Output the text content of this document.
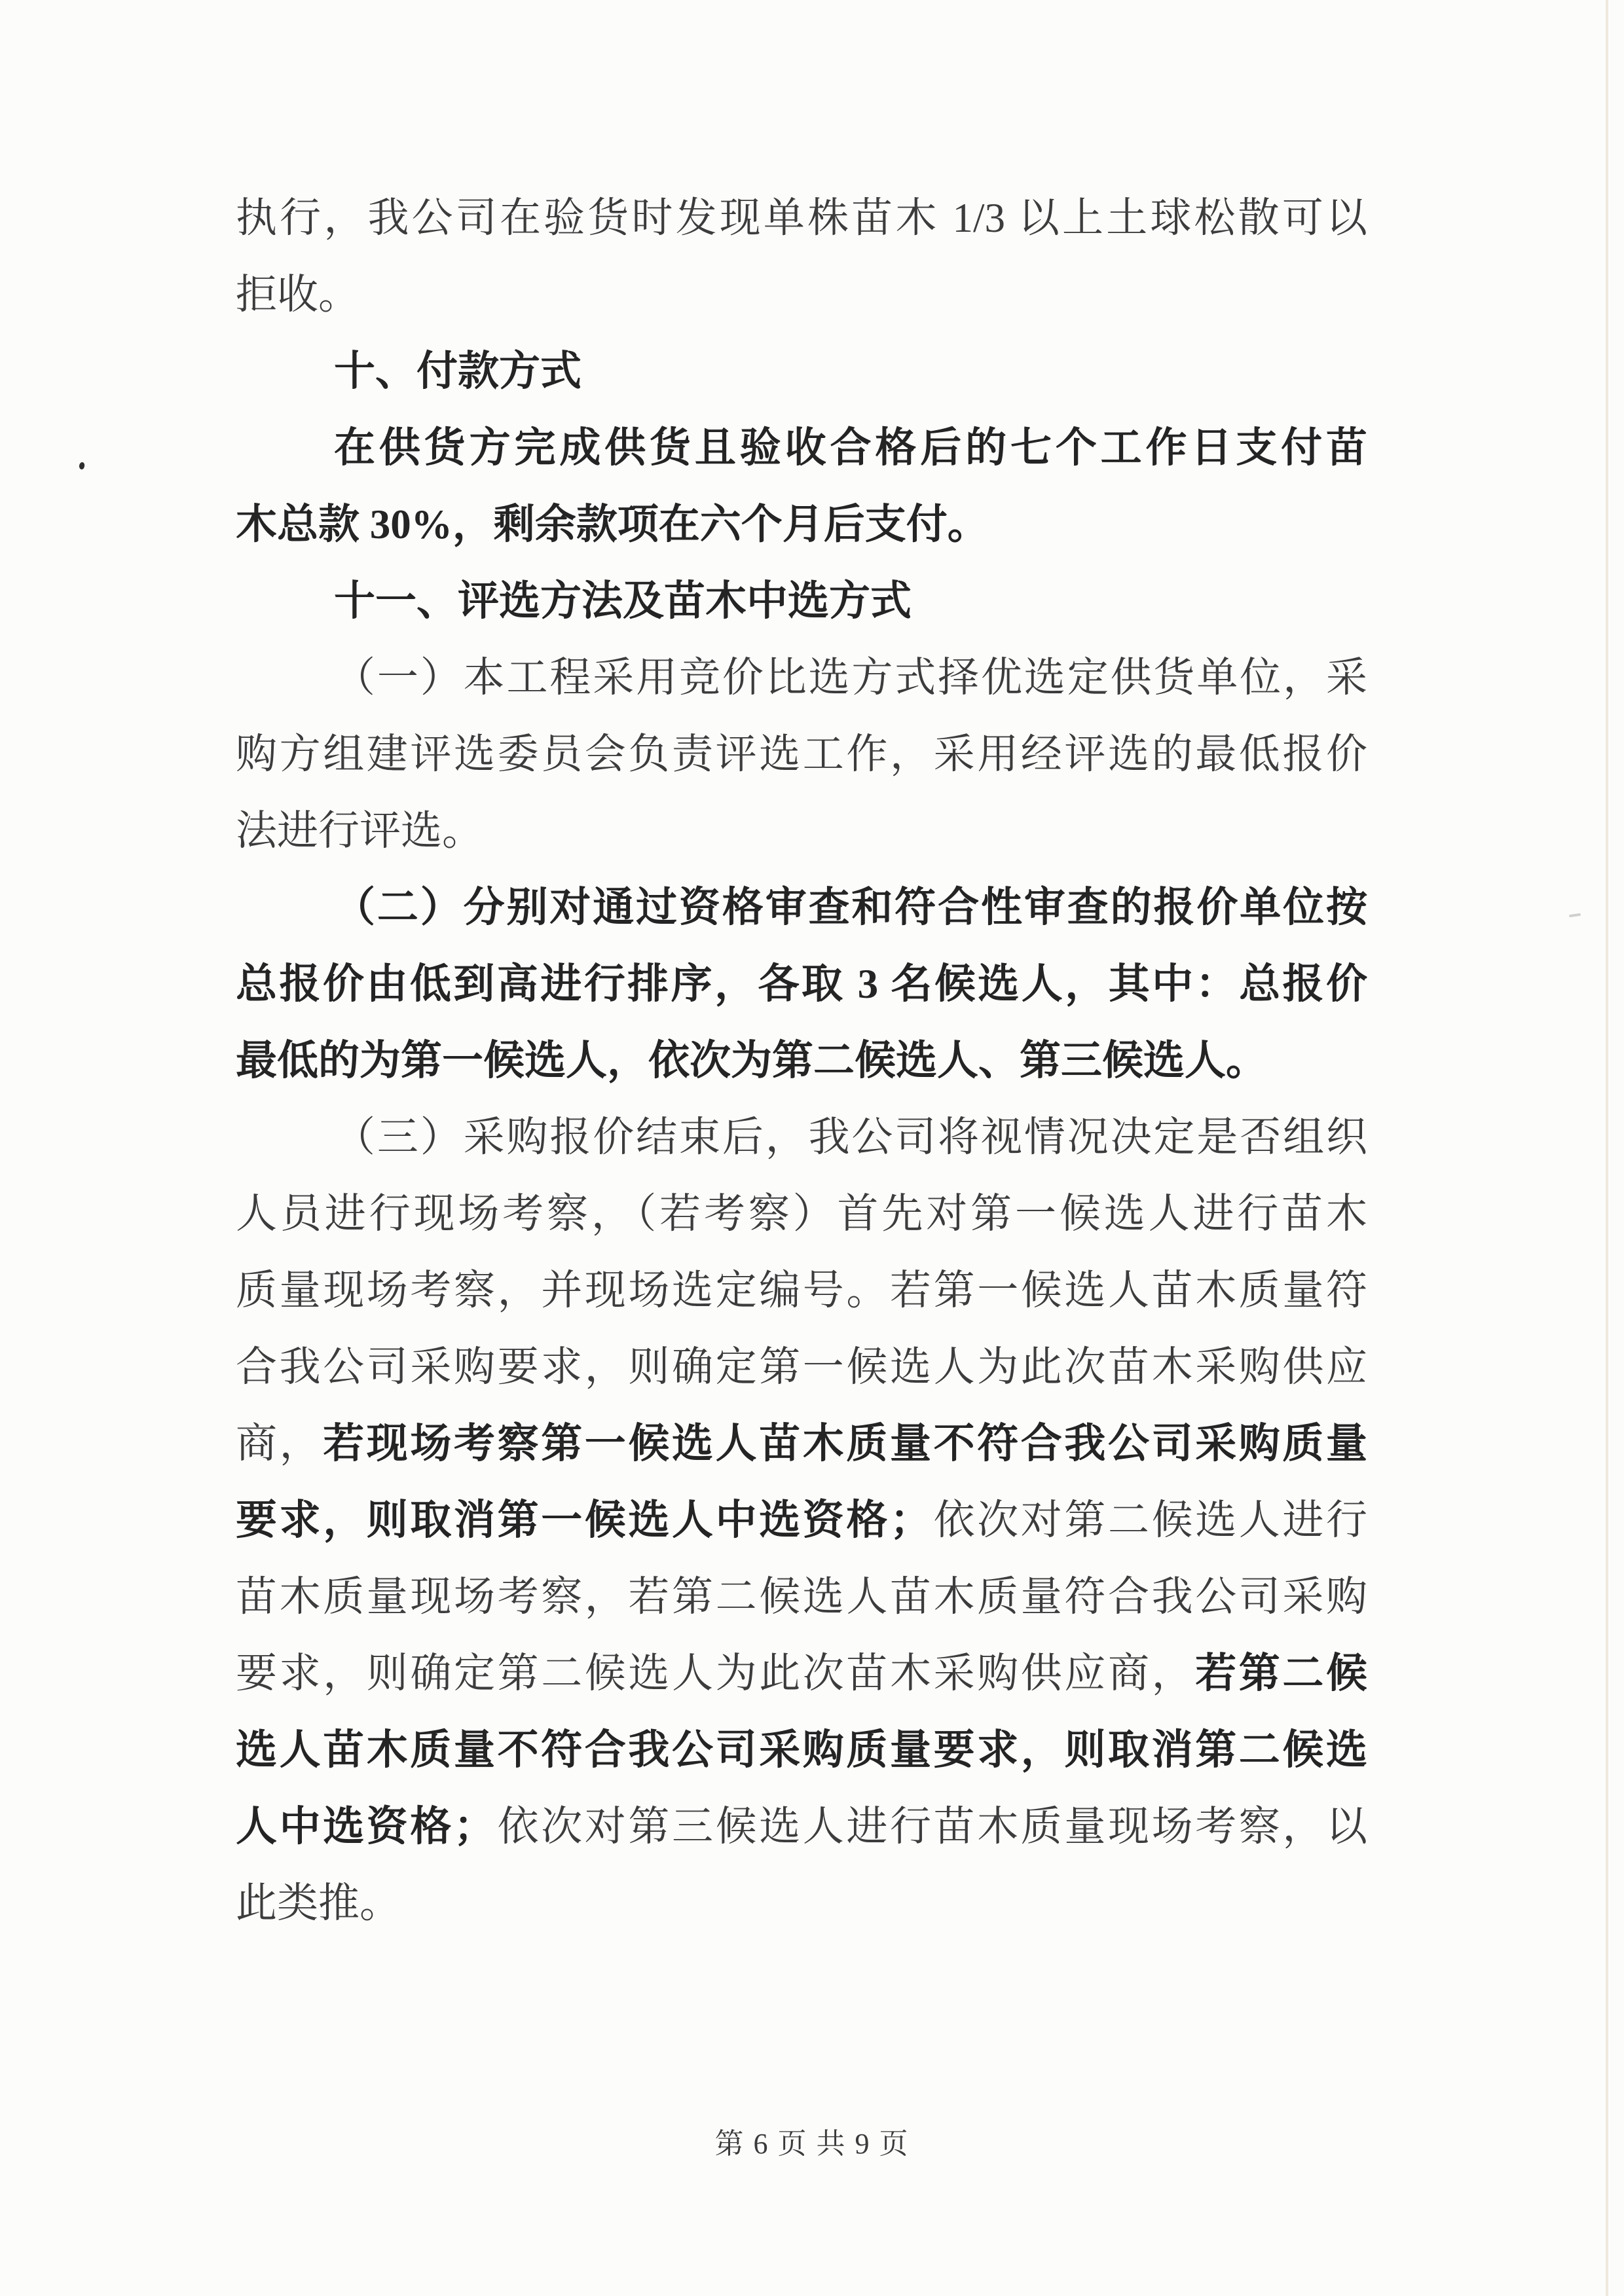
执行，我公司在验货时发现单株苗木 1/3 以上土球松散可以
拒收。
十、付款方式
在供货方完成供货且验收合格后的七个工作日支付苗
木总款 30%，剩余款项在六个月后支付。
十一、评选方法及苗木中选方式
（一）本工程采用竞价比选方式择优选定供货单位，采
购方组建评选委员会负责评选工作，采用经评选的最低报价
法进行评选。
（二）分别对通过资格审查和符合性审查的报价单位按
总报价由低到高进行排序，各取 3 名候选人，其中：总报价
最低的为第一候选人，依次为第二候选人、第三候选人。
（三）采购报价结束后，我公司将视情况决定是否组织
人员进行现场考察，（若考察）首先对第一候选人进行苗木
质量现场考察，并现场选定编号。若第一候选人苗木质量符
合我公司采购要求，则确定第一候选人为此次苗木采购供应
商，若现场考察第一候选人苗木质量不符合我公司采购质量
要求，则取消第一候选人中选资格；依次对第二候选人进行
苗木质量现场考察，若第二候选人苗木质量符合我公司采购
要求，则确定第二候选人为此次苗木采购供应商，若第二候
选人苗木质量不符合我公司采购质量要求，则取消第二候选
人中选资格；依次对第三候选人进行苗木质量现场考察，以
此类推。
第 6 页 共 9 页
